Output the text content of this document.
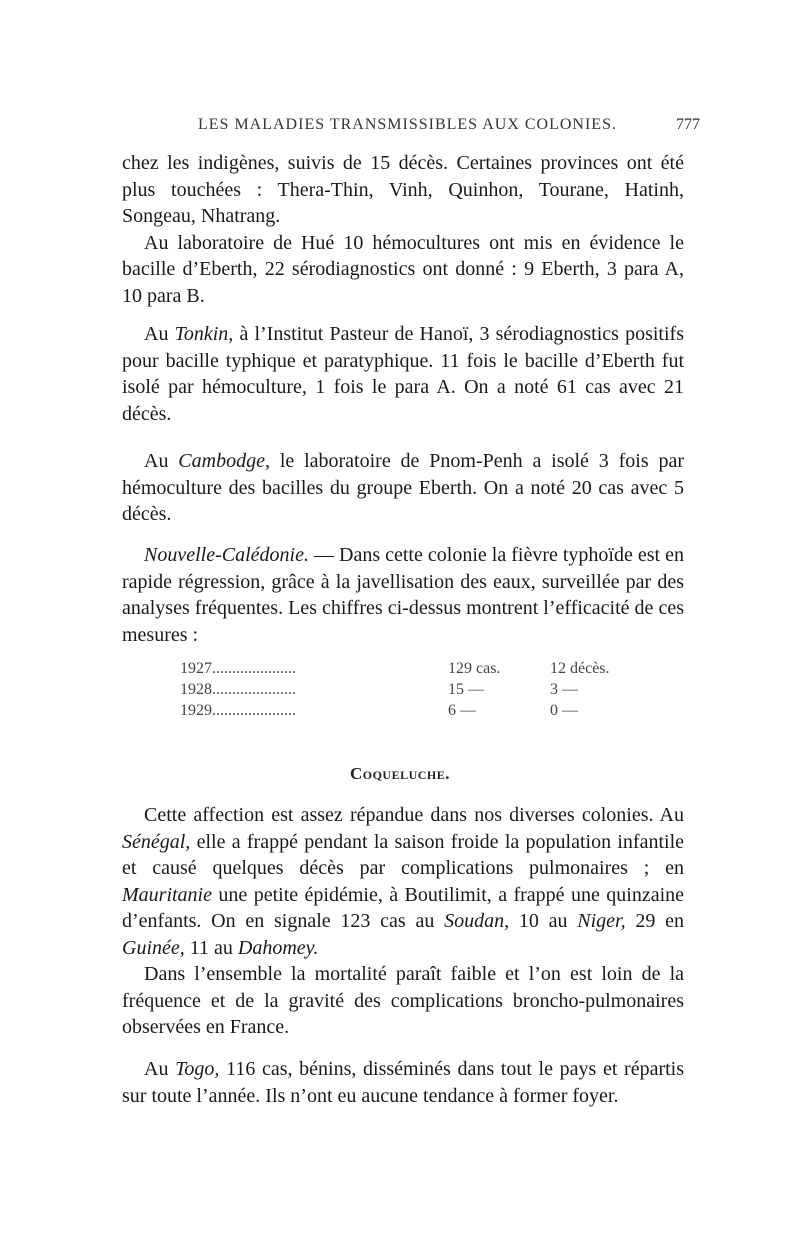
LES MALADIES TRANSMISSIBLES AUX COLONIES.	777

chez les indigènes, suivis de 15 décès. Certaines provinces ont été plus touchées : Thera-Thin, Vinh, Quinhon, Tourane, Hatinh, Songeau, Nhatrang.

Au laboratoire de Hué 10 hémocultures ont mis en évidence le bacille d’Eberth, 22 sérodiagnostics ont donné : 9 Eberth, 3 para A, 10 para B.

Au Tonkin, à l’Institut Pasteur de Hanoï, 3 sérodiagnostics positifs pour bacille typhique et paratyphique. 11 fois le bacille d’Eberth fut isolé par hémoculture, 1 fois le para A. On a noté 61 cas avec 21 décès.
Au Cambodge, le laboratoire de Pnom-Penh a isolé 3 fois par hémoculture des bacilles du groupe Eberth. On a noté 20 cas avec 5 décès.
Nouvelle-Calédonie. — Dans cette colonie la fièvre typhoïde est en rapide régression, grâce à la javellisation des eaux, surveillée par des analyses fréquentes. Les chiffres ci-dessus montrent l’efficacité de ces mesures :
1927.....................	129 cas.	12 décès.
1928.....................	15 —	3 —
1929.....................	6 —	0 —
Coqueluche.
Cette affection est assez répandue dans nos diverses colonies. Au Sénégal, elle a frappé pendant la saison froide la population infantile et causé quelques décès par complications pulmonaires ; en Mauritanie une petite épidémie, à Boutilimit, a frappé une quinzaine d’enfants. On en signale 123 cas au Soudan, 10 au Niger, 29 en Guinée, 11 au Dahomey.
Dans l’ensemble la mortalité paraît faible et l’on est loin de la fréquence et de la gravité des complications broncho-pulmonaires observées en France.
Au Togo, 116 cas, bénins, disséminés dans tout le pays et répartis sur toute l’année. Ils n’ont eu aucune tendance à former foyer.
